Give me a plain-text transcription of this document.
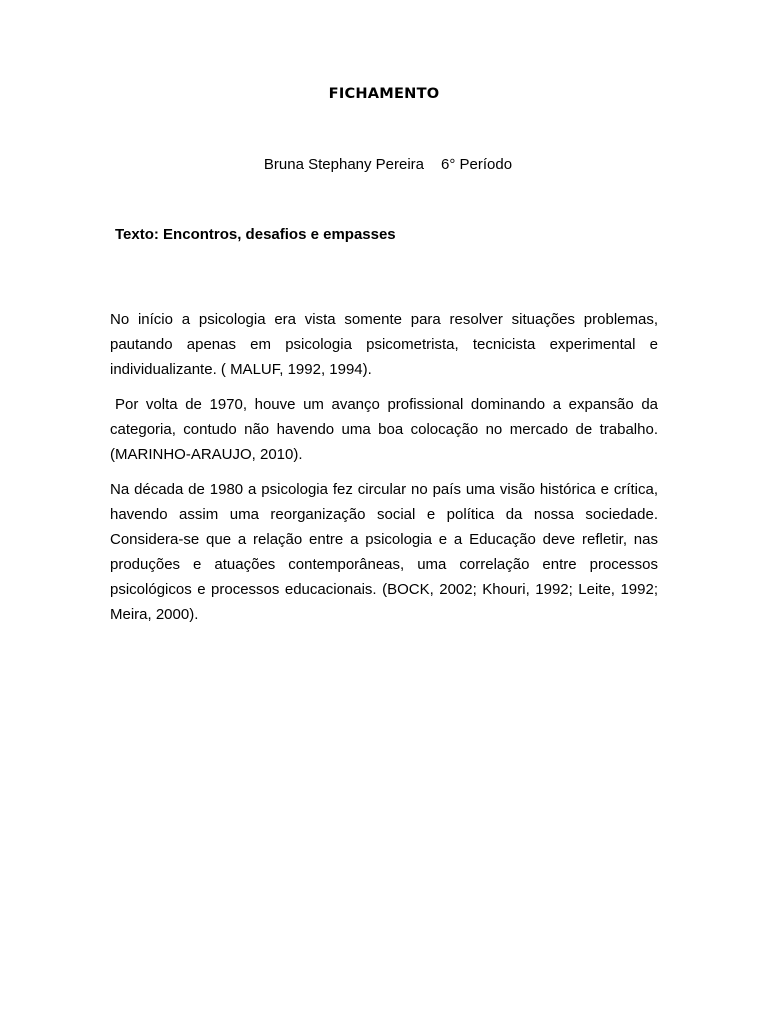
FICHAMENTO
Bruna Stephany Pereira 6° Período
Texto: Encontros, desafios e empasses

No início a psicologia era vista somente para resolver situações problemas, pautando apenas em psicologia psicometrista, tecnicista experimental e individualizante. ( MALUF, 1992, 1994).

Por volta de 1970, houve um avanço profissional dominando a expansão da categoria, contudo não havendo uma boa colocação no mercado de trabalho. (MARINHO-ARAUJO, 2010).

Na década de 1980 a psicologia fez circular no país uma visão histórica e crítica, havendo assim uma reorganização social e política da nossa sociedade. Considera-se que a relação entre a psicologia e a Educação deve refletir, nas produções e atuações contemporâneas, uma correlação entre processos psicológicos e processos educacionais. (BOCK, 2002; Khouri, 1992; Leite, 1992; Meira, 2000).
